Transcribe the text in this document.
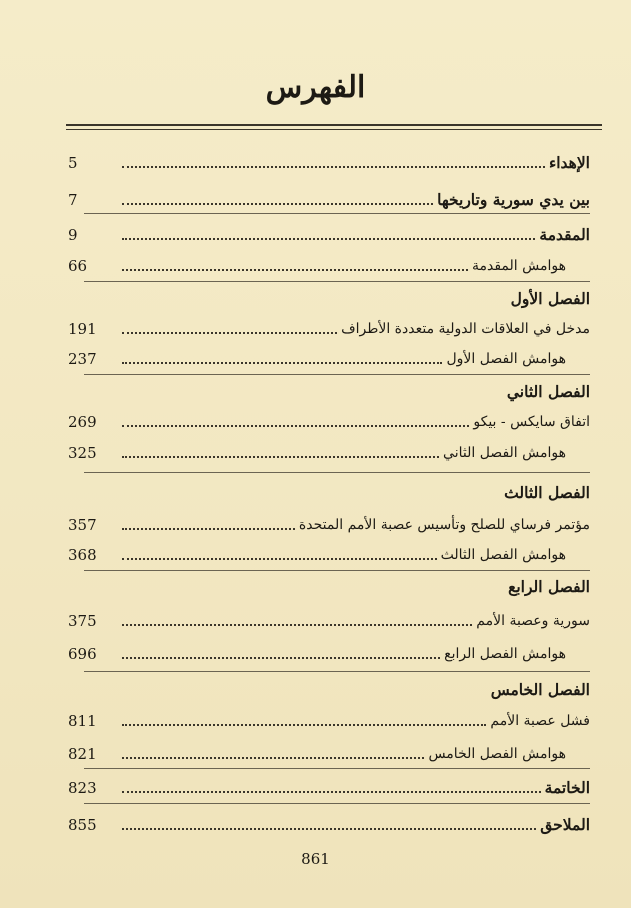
الفهرس
الإهداء
5
بين يدي سورية وتاريخها
7
المقدمة
9
هوامش المقدمة
66
الفصل الأول
مدخل في العلاقات الدولية متعددة الأطراف
191
هوامش الفصل الأول
237
الفصل الثاني
اتفاق سايكس - بيكو
269
هوامش الفصل الثاني
325
الفصل الثالث
مؤتمر فرساي للصلح وتأسيس عصبة الأمم المتحدة
357
هوامش الفصل الثالث
368
الفصل الرابع
سورية وعصبة الأمم
375
هوامش الفصل الرابع
696
الفصل الخامس
فشل عصبة الأمم
811
هوامش الفصل الخامس
821
الخاتمة
823
الملاحق
855
861
